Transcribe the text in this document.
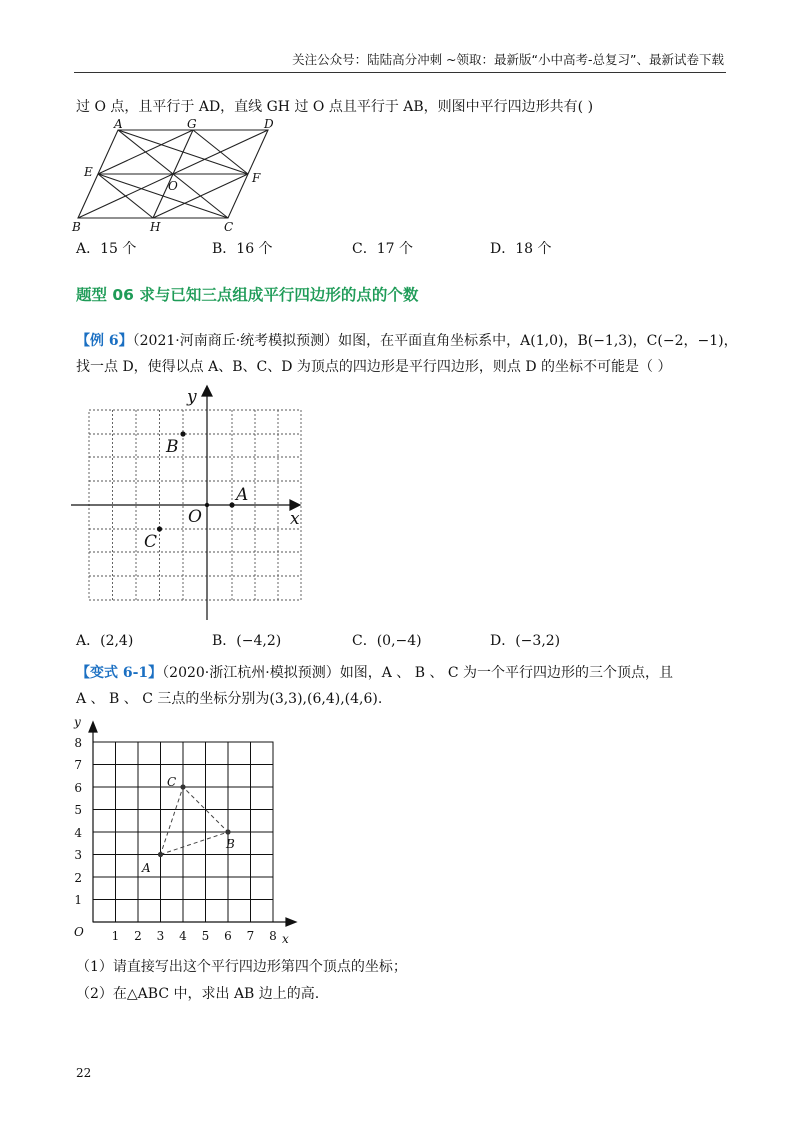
关注公众号：陆陆高分冲刺 ~领取：最新版“小中高考-总复习”、最新试卷下载
过 O 点，且平行于 AD，直线 GH 过 O 点且平行于 AB，则图中平行四边形共有( )
A	G	D
E
O
F
B	H	C
A．15 个	B．16 个	C．17 个	D．18 个
题型 06 求与已知三点组成平行四边形的点的个数
【例 6】（2021·河南商丘·统考模拟预测）如图，在平面直角坐标系中，A(1,0)，B(−1,3)，C(−2，−1)，
找一点 D，使得以点 A、B、C、D 为顶点的四边形是平行四边形，则点 D 的坐标不可能是（ ）
y
x
O
A
B
C
A．(2,4)	B．(−4,2)	C．(0,−4)	D．(−3,2)
【变式 6-1】（2020·浙江杭州·模拟预测）如图，A 、 B 、 C 为一个平行四边形的三个顶点，且
A 、 B 、 C 三点的坐标分别为(3,3),(6,4),(4,6).
8
7
6
5
4
3
2
1
1 2 3 4 5 6 7 8
y
x
O
A
B
C
（1）请直接写出这个平行四边形第四个顶点的坐标；
（2）在△ABC 中，求出 AB 边上的高.
22
